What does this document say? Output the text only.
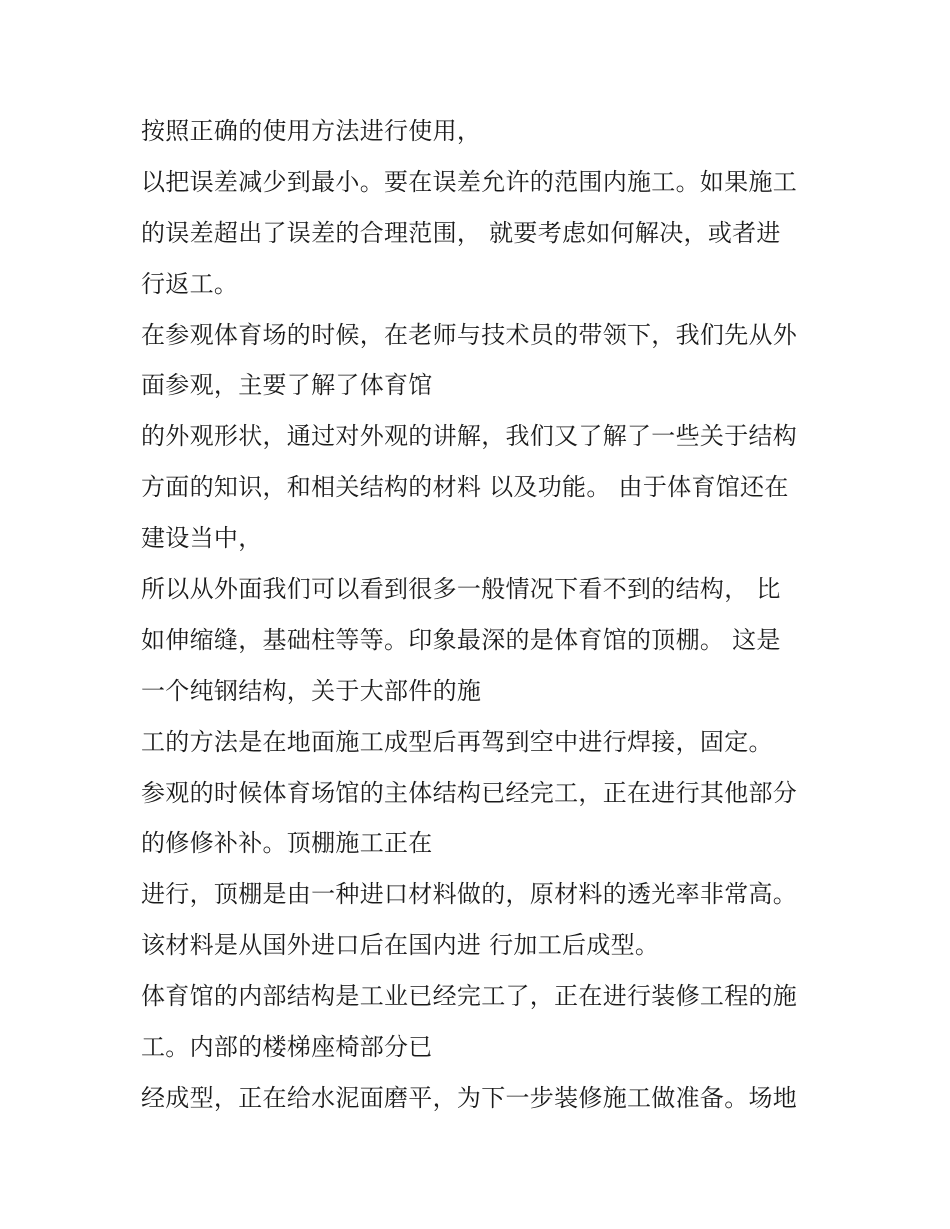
按照正确的使用方法进行使用，
以把误差减少到最小。要在误差允许的范围内施工。如果施工
的误差超出了误差的合理范围， 就要考虑如何解决，或者进
行返工。
在参观体育场的时候，在老师与技术员的带领下，我们先从外
面参观，主要了解了体育馆
的外观形状，通过对外观的讲解，我们又了解了一些关于结构
方面的知识，和相关结构的材料 以及功能。 由于体育馆还在
建设当中，
所以从外面我们可以看到很多一般情况下看不到的结构， 比
如伸缩缝，基础柱等等。印象最深的是体育馆的顶棚。 这是
一个纯钢结构，关于大部件的施
工的方法是在地面施工成型后再驾到空中进行焊接，固定。
参观的时候体育场馆的主体结构已经完工，正在进行其他部分
的修修补补。顶棚施工正在
进行，顶棚是由一种进口材料做的，原材料的透光率非常高。
该材料是从国外进口后在国内进 行加工后成型。
体育馆的内部结构是工业已经完工了，正在进行装修工程的施
工。内部的楼梯座椅部分已
经成型，正在给水泥面磨平，为下一步装修施工做准备。场地
